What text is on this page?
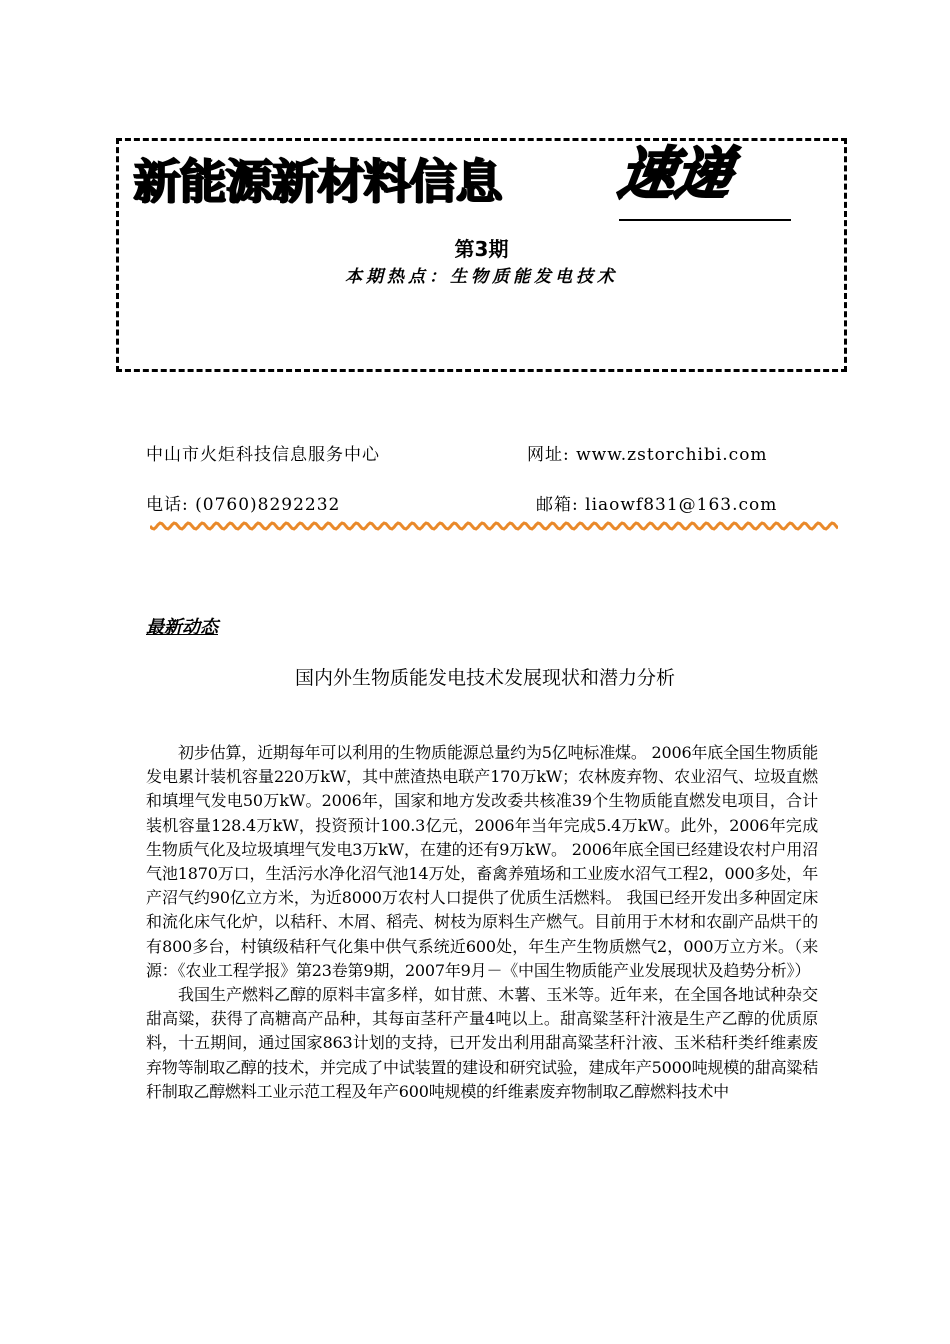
新能源新材料信息 速递
第3期
本期热点：生物质能发电技术
中山市火炬科技信息服务中心	网址: www.zstorchibi.com
电话: (0760)8292232	邮箱: liaowf831@163.com
最新动态
国内外生物质能发电技术发展现状和潜力分析

初步估算，近期每年可以利用的生物质能源总量约为5亿吨标准煤。 2006年底全国生物质能发电累计装机容量220万kW，其中蔗渣热电联产170万kW；农林废弃物、农业沼气、垃圾直燃和填埋气发电50万kW。2006年，国家和地方发改委共核准39个生物质能直燃发电项目，合计装机容量128.4万kW，投资预计100.3亿元，2006年当年完成5.4万kW。此外，2006年完成生物质气化及垃圾填埋气发电3万kW，在建的还有9万kW。 2006年底全国已经建设农村户用沼气池1870万口，生活污水净化沼气池14万处，畜禽养殖场和工业废水沼气工程2，000多处，年产沼气约90亿立方米，为近8000万农村人口提供了优质生活燃料。 我国已经开发出多种固定床和流化床气化炉，以秸秆、木屑、稻壳、树枝为原料生产燃气。目前用于木材和农副产品烘干的有800多台，村镇级秸秆气化集中供气系统近600处，年生产生物质燃气2，000万立方米。（来源：《农业工程学报》第23卷第9期，2007年9月－《中国生物质能产业发展现状及趋势分析》）

我国生产燃料乙醇的原料丰富多样，如甘蔗、木薯、玉米等。近年来，在全国各地试种杂交甜高粱，获得了高糖高产品种，其每亩茎秆产量4吨以上。甜高粱茎秆汁液是生产乙醇的优质原料，十五期间，通过国家863计划的支持，已开发出利用甜高粱茎秆汁液、玉米秸秆类纤维素废弃物等制取乙醇的技术，并完成了中试装置的建设和研究试验，建成年产5000吨规模的甜高粱秸秆制取乙醇燃料工业示范工程及年产600吨规模的纤维素废弃物制取乙醇燃料技术中
